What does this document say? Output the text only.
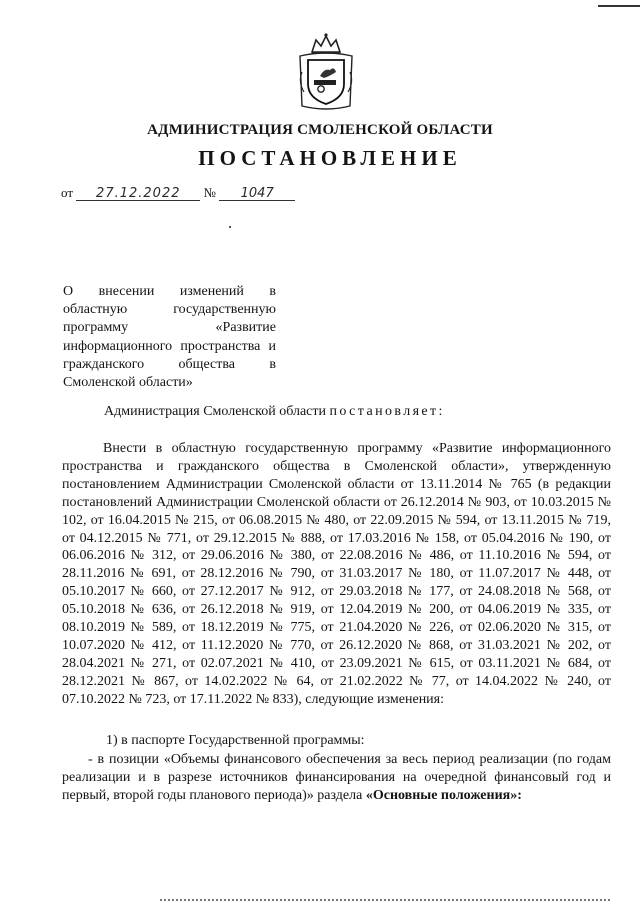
АДМИНИСТРАЦИЯ СМОЛЕНСКОЙ ОБЛАСТИ
ПОСТАНОВЛЕНИЕ
от 27.12.2022 № 1047
О внесении изменений в областную государственную программу «Развитие информационного пространства и гражданского общества в Смоленской области»
Администрация Смоленской области постановляет:

Внести в областную государственную программу «Развитие информационного пространства и гражданского общества в Смоленской области», утвержденную постановлением Администрации Смоленской области от 13.11.2014 № 765 (в редакции постановлений Администрации Смоленской области от 26.12.2014 № 903, от 10.03.2015 № 102, от 16.04.2015 № 215, от 06.08.2015 № 480, от 22.09.2015 № 594, от 13.11.2015 № 719, от 04.12.2015 № 771, от 29.12.2015 № 888, от 17.03.2016 № 158, от 05.04.2016 № 190, от 06.06.2016 № 312, от 29.06.2016 № 380, от 22.08.2016 № 486, от 11.10.2016 № 594, от 28.11.2016 № 691, от 28.12.2016 № 790, от 31.03.2017 № 180, от 11.07.2017 № 448, от 05.10.2017 № 660, от 27.12.2017 № 912, от 29.03.2018 № 177, от 24.08.2018 № 568, от 05.10.2018 № 636, от 26.12.2018 № 919, от 12.04.2019 № 200, от 04.06.2019 № 335, от 08.10.2019 № 589, от 18.12.2019 № 775, от 21.04.2020 № 226, от 02.06.2020 № 315, от 10.07.2020 № 412, от 11.12.2020 № 770, от 26.12.2020 № 868, от 31.03.2021 № 202, от 28.04.2021 № 271, от 02.07.2021 № 410, от 23.09.2021 № 615, от 03.11.2021 № 684, от 28.12.2021 № 867, от 14.02.2022 № 64, от 21.02.2022 № 77, от 14.04.2022 № 240, от 07.10.2022 № 723, от 17.11.2022 № 833), следующие изменения:

1) в паспорте Государственной программы:

- в позиции «Объемы финансового обеспечения за весь период реализации (по годам реализации и в разрезе источников финансирования на очередной финансовый год и первый, второй годы планового периода)» раздела «Основные положения»:
